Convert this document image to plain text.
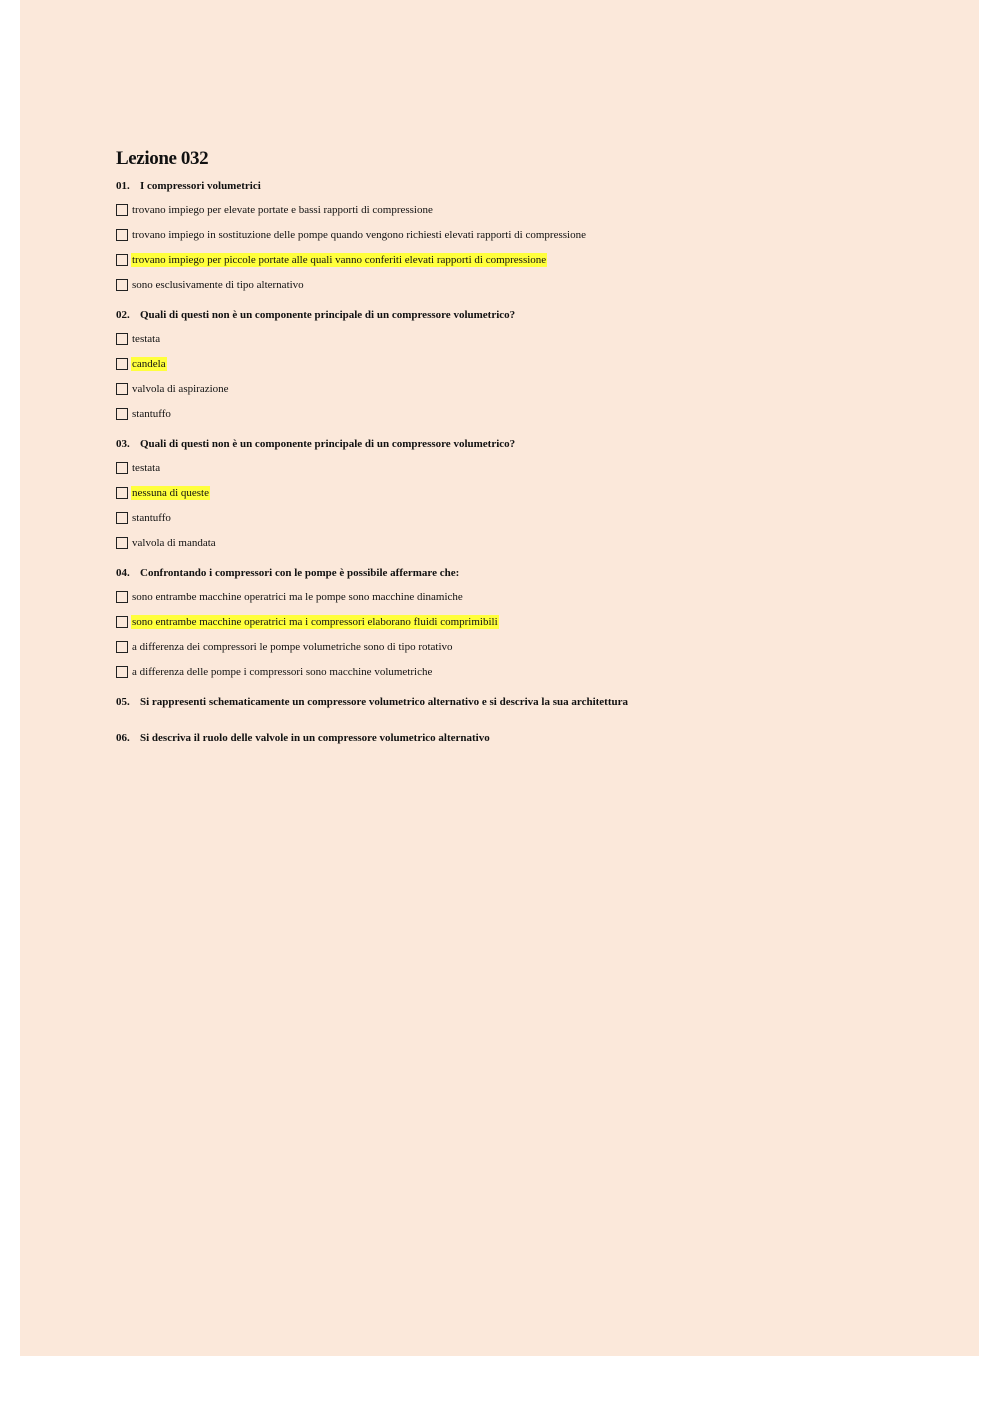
Lezione 032
01. I compressori volumetrici
trovano impiego per elevate portate e bassi rapporti di compressione
trovano impiego in sostituzione delle pompe quando vengono richiesti elevati rapporti di compressione
trovano impiego per piccole portate alle quali vanno conferiti elevati rapporti di compressione
sono esclusivamente di tipo alternativo
02. Quali di questi non è un componente principale di un compressore volumetrico?
testata
candela
valvola di aspirazione
stantuffo
03. Quali di questi non è un componente principale di un compressore volumetrico?
testata
nessuna di queste
stantuffo
valvola di mandata
04. Confrontando i compressori con le pompe è possibile affermare che:
sono entrambe macchine operatrici ma le pompe sono macchine dinamiche
sono entrambe macchine operatrici ma i compressori elaborano fluidi comprimibili
a differenza dei compressori le pompe volumetriche sono di tipo rotativo
a differenza delle pompe i compressori sono macchine volumetriche
05. Si rappresenti schematicamente un compressore volumetrico alternativo e si descriva la sua architettura
06. Si descriva il ruolo delle valvole in un compressore volumetrico alternativo
